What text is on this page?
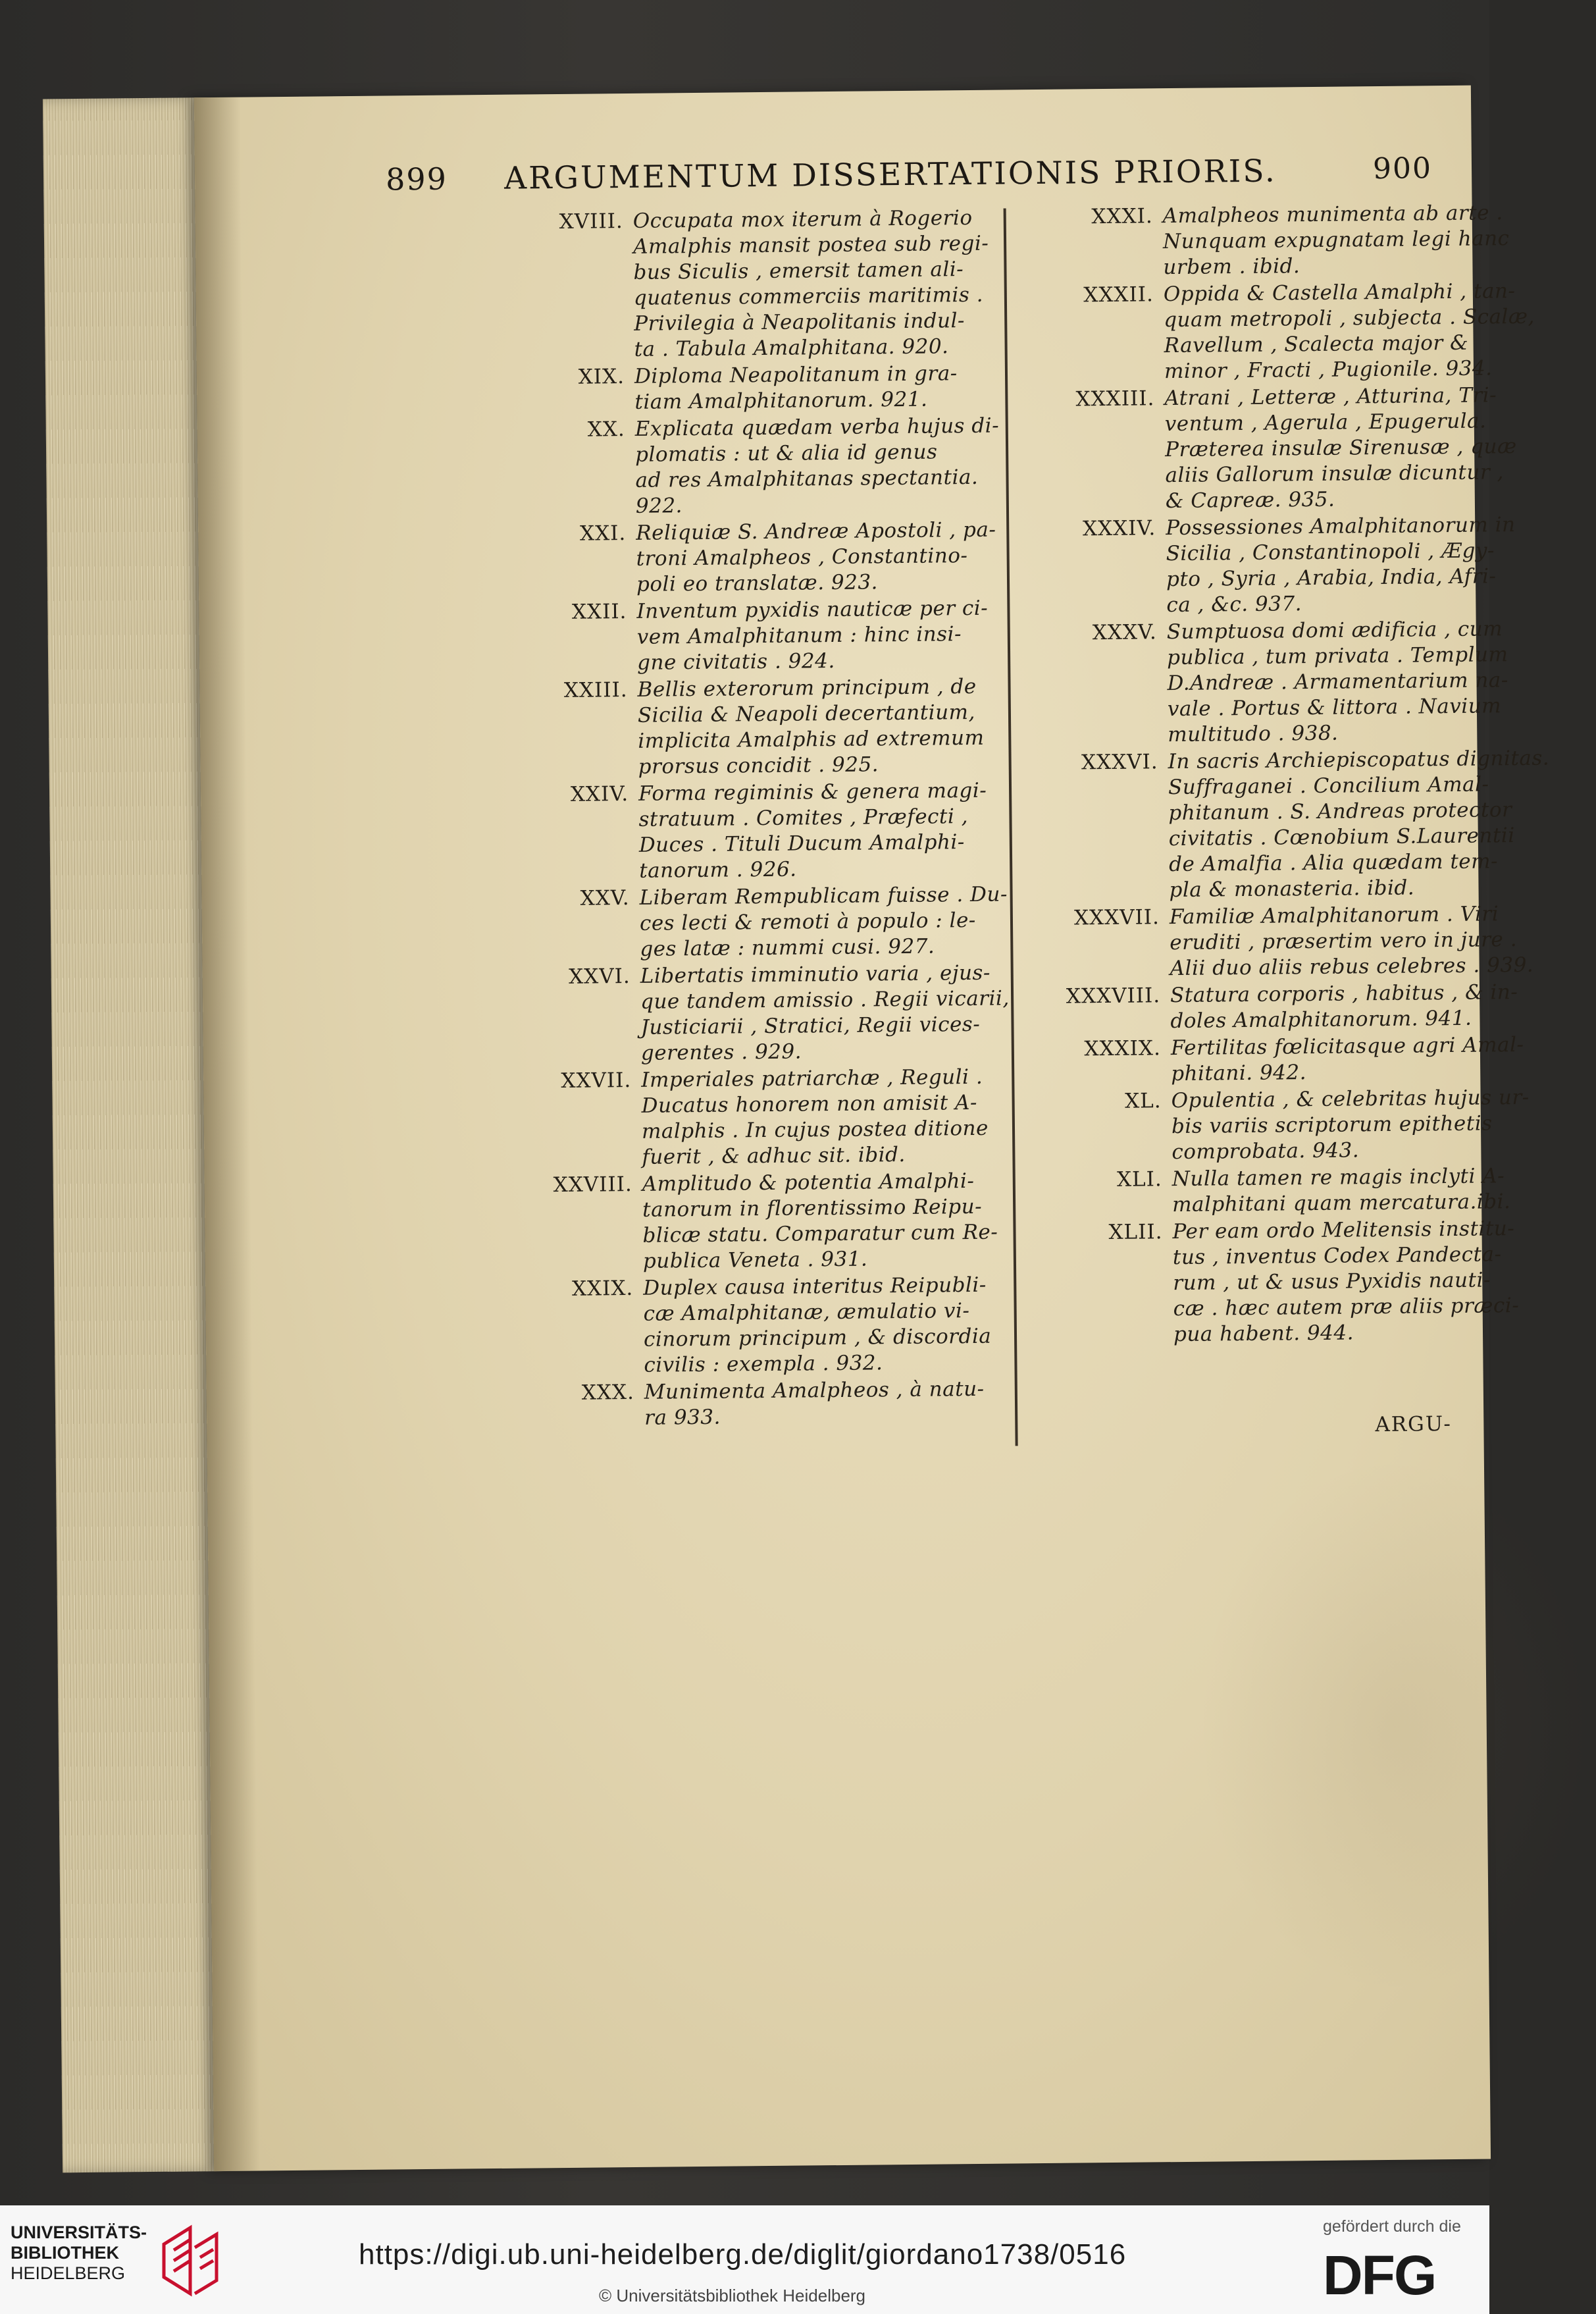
899 ARGUMENTUM DISSERTATIONIS PRIORIS.	900
XVIII. Occupata mox iterum à Rogerio
Amalphis mansit postea sub regi-
bus Siculis , emersit tamen ali-
quatenus commerciis maritimis .
Privilegia à Neapolitanis indul-
ta . Tabula Amalphitana. 920.
XIX. Diploma Neapolitanum in gra-
tiam Amalphitanorum. 921.
XX. Explicata quædam verba hujus di-
plomatis : ut & alia id genus
ad res Amalphitanas spectantia.
922.
XXI. Reliquiæ S. Andreæ Apostoli , pa-
troni Amalpheos , Constantino-
poli eo translatæ. 923.
XXII. Inventum pyxidis nauticæ per ci-
vem Amalphitanum : hinc insi-
gne civitatis . 924.
XXIII. Bellis exterorum principum , de
Sicilia & Neapoli decertantium,
implicita Amalphis ad extremum
prorsus concidit . 925.
XXIV. Forma regiminis & genera magi-
stratuum . Comites , Præfecti ,
Duces . Tituli Ducum Amalphi-
tanorum . 926.
XXV. Liberam Rempublicam fuisse . Du-
ces lecti & remoti à populo : le-
ges latæ : nummi cusi. 927.
XXVI. Libertatis imminutio varia , ejus-
que tandem amissio . Regii vicarii,
Justiciarii , Stratici, Regii vices-
gerentes . 929.
XXVII. Imperiales patriarchæ , Reguli .
Ducatus honorem non amisit A-
malphis . In cujus postea ditione
fuerit , & adhuc sit. ibid.
XXVIII. Amplitudo & potentia Amalphi-
tanorum in florentissimo Reipu-
blicæ statu. Comparatur cum Re-
publica Veneta . 931.
XXIX. Duplex causa interitus Reipubli-
cæ Amalphitanæ, æmulatio vi-
cinorum principum , & discordia
civilis : exempla . 932.
XXX. Munimenta Amalpheos , à natu-
ra 933.
XXXI. Amalpheos munimenta ab arte .
Nunquam expugnatam legi hanc
urbem . ibid.
XXXII. Oppida & Castella Amalphi , tan-
quam metropoli , subjecta . Scalæ,
Ravellum , Scalecta major &
minor , Fracti , Pugionile. 934.
XXXIII. Atrani , Letteræ , Atturina, Tri-
ventum , Agerula , Epugerula.
Præterea insulæ Sirenusæ , quæ
aliis Gallorum insulæ dicuntur ,
& Capreæ. 935.
XXXIV. Possessiones Amalphitanorum in
Sicilia , Constantinopoli , Ægy-
pto , Syria , Arabia, India, Afri-
ca , &c. 937.
XXXV. Sumptuosa domi ædificia , cum
publica , tum privata . Templum
D.Andreæ . Armamentarium na-
vale . Portus & littora . Navium
multitudo . 938.
XXXVI. In sacris Archiepiscopatus dignitas.
Suffraganei . Concilium Amal-
phitanum . S. Andreas protector
civitatis . Cœnobium S.Laurentii
de Amalfia . Alia quædam tem-
pla & monasteria. ibid.
XXXVII. Familiæ Amalphitanorum . Viri
eruditi , præsertim vero in jure .
Alii duo aliis rebus celebres . 939.
XXXVIII. Statura corporis , habitus , & in-
doles Amalphitanorum. 941.
XXXIX. Fertilitas fœlicitasque agri Amal-
phitani. 942.
XL. Opulentia , & celebritas hujus ur-
bis variis scriptorum epithetis
comprobata. 943.
XLI. Nulla tamen re magis inclyti A-
malphitani quam mercatura.ibi.
XLII. Per eam ordo Melitensis institu-
tus , inventus Codex Pandecta-
rum , ut & usus Pyxidis nauti-
cæ . hæc autem præ aliis præci-
pua habent. 944.
ARGU-
UNIVERSITÄTS-
BIBLIOTHEK
HEIDELBERG
https://digi.ub.uni-heidelberg.de/diglit/giordano1738/0516
© Universitätsbibliothek Heidelberg
gefördert durch die
DFG
